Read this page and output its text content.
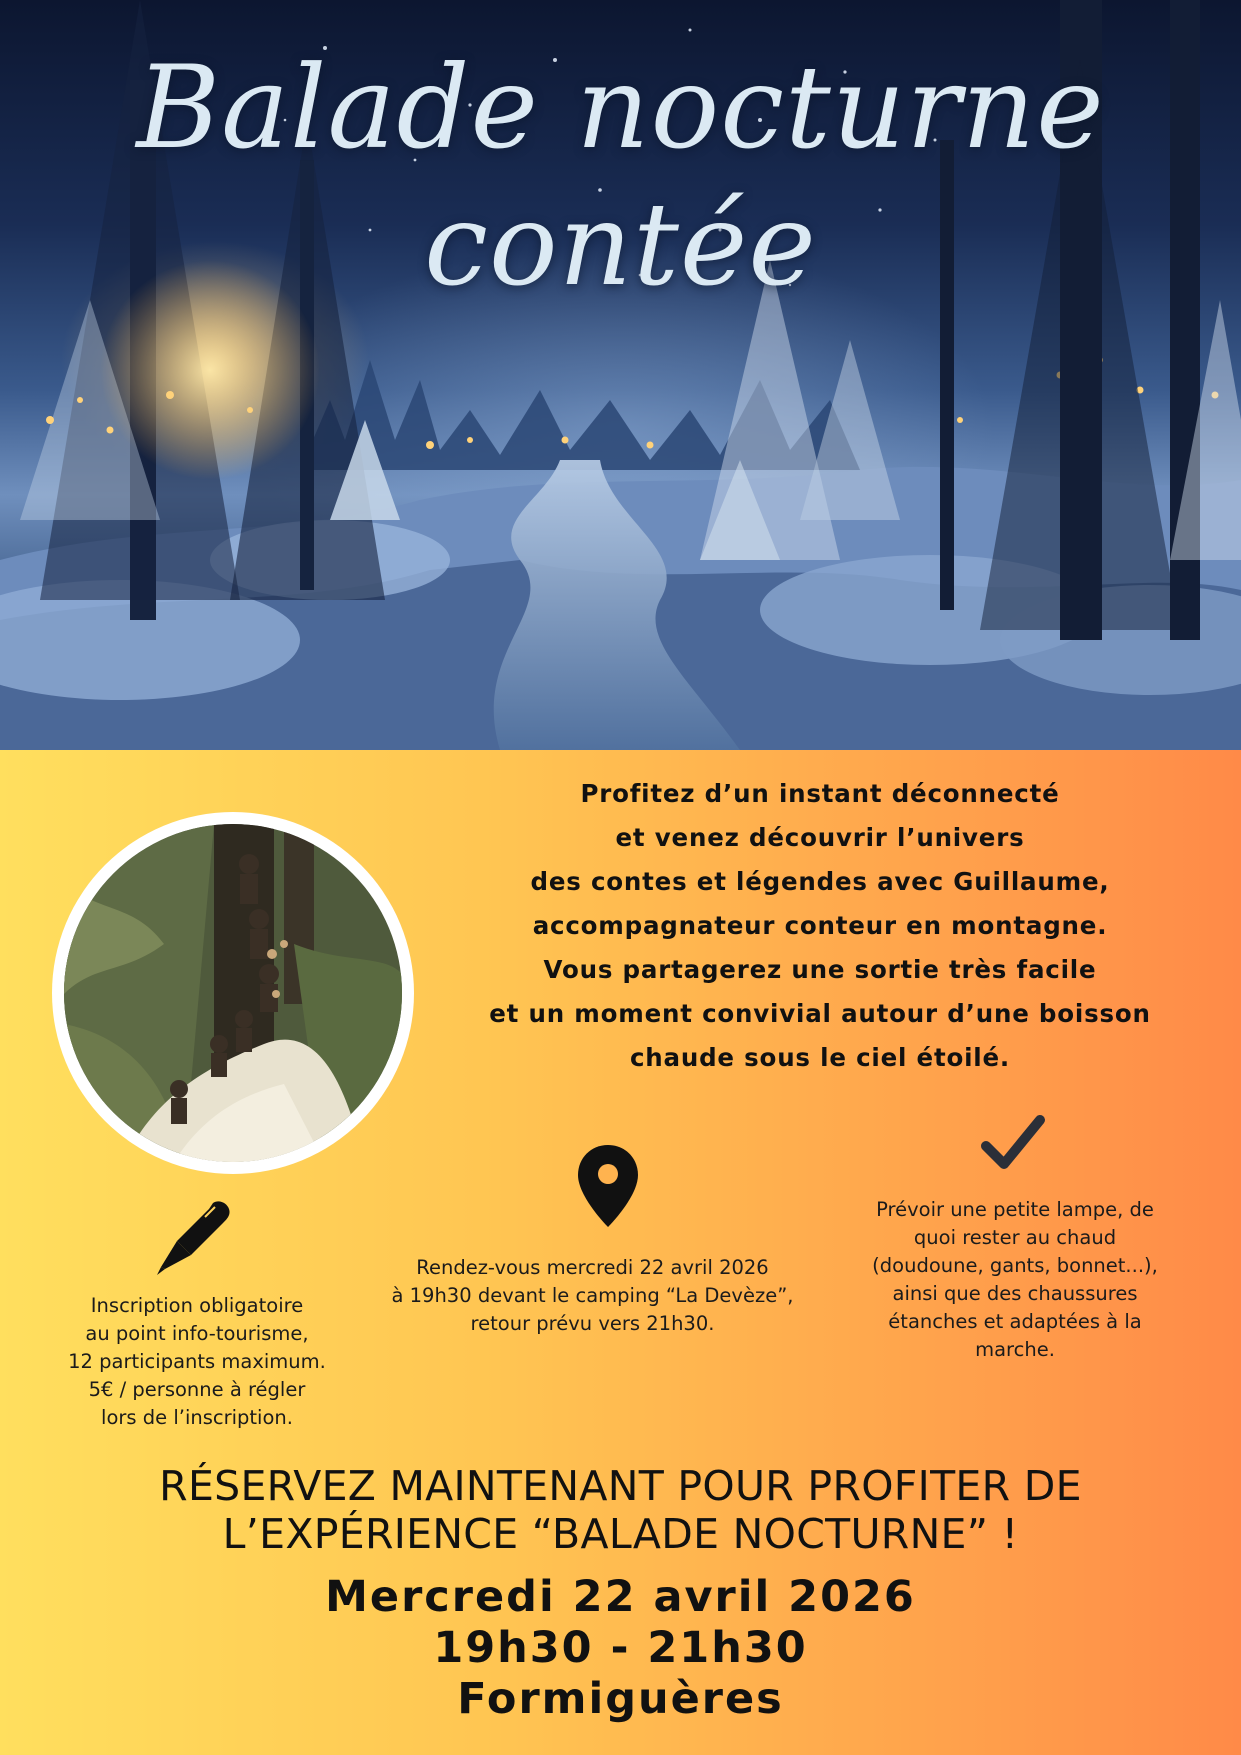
Balade nocturne contée

Profitez d’un instant déconnecté
et venez découvrir l’univers
des contes et légendes avec Guillaume,
accompagnateur conteur en montagne.
Vous partagerez une sortie très facile
et un moment convivial autour d’une boisson
chaude sous le ciel étoilé.

Inscription obligatoire
au point info-tourisme,
12 participants maximum.
5€ / personne à régler
lors de l’inscription.

Rendez-vous mercredi 22 avril 2026
à 19h30 devant le camping “La Devèze”,
retour prévu vers 21h30.

Prévoir une petite lampe, de
quoi rester au chaud
(doudoune, gants, bonnet...),
ainsi que des chaussures
étanches et adaptées à la
marche.

RÉSERVEZ MAINTENANT POUR PROFITER DE
L’EXPÉRIENCE “BALADE NOCTURNE” !

Mercredi 22 avril 2026
19h30 - 21h30
Formiguères
